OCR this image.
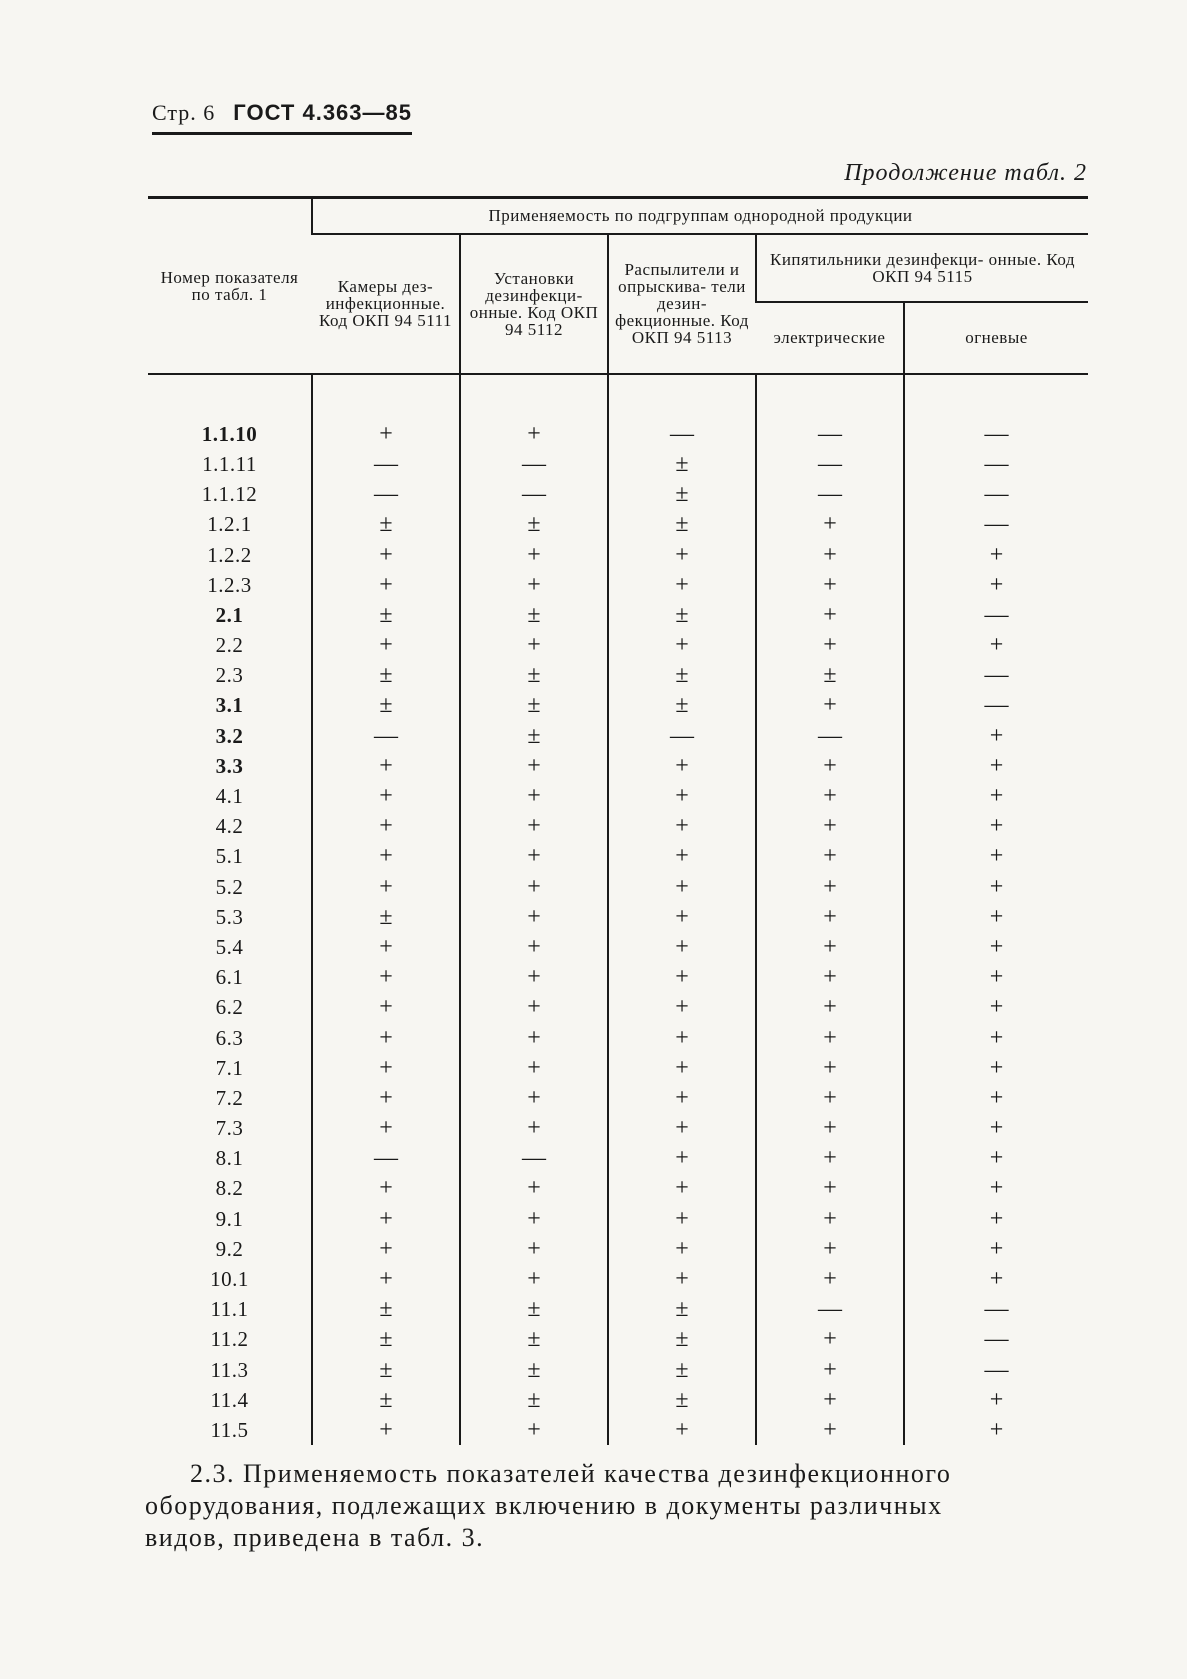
Стр. 6 ГОСТ 4.363—85
Продолжение табл. 2
Номер показателя по табл. 1	Применяемость по подгруппам однородной продукции				
	Камеры дез- инфекционные. Код ОКП 94 5111	Установки дезинфекци- онные. Код ОКП 94 5112	Распылители и опрыскива- тели дезин- фекционные. Код ОКП 94 5113	Кипятильники дезинфекци- онные. Код ОКП 94 5115	
				электрические	огневые

1.1.10	+	+	—	—	—
1.1.11	—	—	±	—	—
1.1.12	—	—	±	—	—
1.2.1	±	±	±	+	—
1.2.2	+	+	+	+	+
1.2.3	+	+	+	+	+
2.1	±	±	±	+	—
2.2	+	+	+	+	+
2.3	±	±	±	±	—
3.1	±	±	±	+	—
3.2	—	±	—	—	+
3.3	+	+	+	+	+
4.1	+	+	+	+	+
4.2	+	+	+	+	+
5.1	+	+	+	+	+
5.2	+	+	+	+	+
5.3	±	+	+	+	+
5.4	+	+	+	+	+
6.1	+	+	+	+	+
6.2	+	+	+	+	+
6.3	+	+	+	+	+
7.1	+	+	+	+	+
7.2	+	+	+	+	+
7.3	+	+	+	+	+
8.1	—	—	+	+	+
8.2	+	+	+	+	+
9.1	+	+	+	+	+
9.2	+	+	+	+	+
10.1	+	+	+	+	+
11.1	±	±	±	—	—
11.2	±	±	±	+	—
11.3	±	±	±	+	—
11.4	±	±	±	+	+
11.5	+	+	+	+	+
2.3. Применяемость показателей качества дезинфекционного
оборудования, подлежащих включению в документы различных
видов, приведена в табл. 3.
